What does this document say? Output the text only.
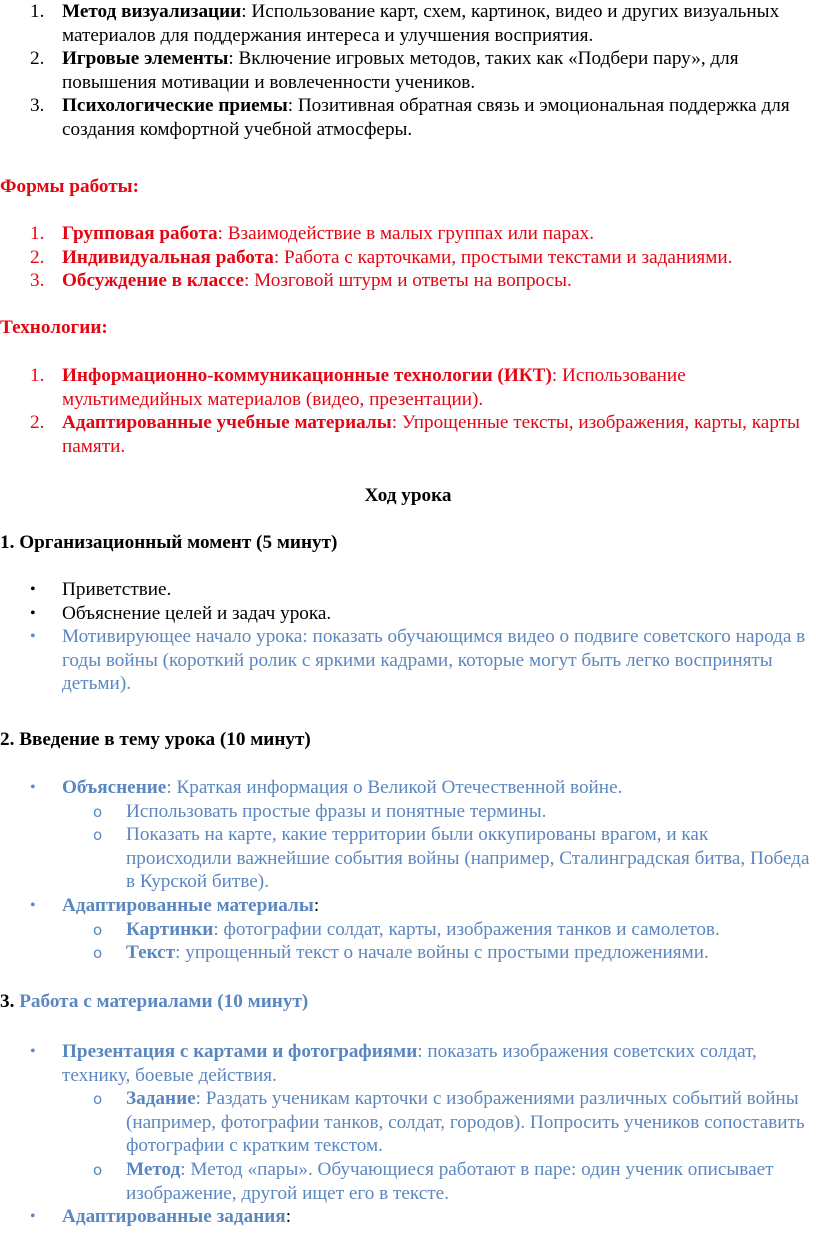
1. Метод визуализации: Использование карт, схем, картинок, видео и других визуальных материалов для поддержания интереса и улучшения восприятия.
2. Игровые элементы: Включение игровых методов, таких как «Подбери пару», для повышения мотивации и вовлеченности учеников.
3. Психологические приемы: Позитивная обратная связь и эмоциональная поддержка для создания комфортной учебной атмосферы.
Формы работы:
1. Групповая работа: Взаимодействие в малых группах или парах.
2. Индивидуальная работа: Работа с карточками, простыми текстами и заданиями.
3. Обсуждение в классе: Мозговой штурм и ответы на вопросы.
Технологии:
1. Информационно-коммуникационные технологии (ИКТ): Использование мультимедийных материалов (видео, презентации).
2. Адаптированные учебные материалы: Упрощенные тексты, изображения, карты, карты памяти.
Ход урока
1. Организационный момент (5 минут)
• Приветствие.
• Объяснение целей и задач урока.
• Мотивирующее начало урока: показать обучающимся видео о подвиге советского народа в годы войны (короткий ролик с яркими кадрами, которые могут быть легко восприняты детьми).
2. Введение в тему урока (10 минут)
• Объяснение: Краткая информация о Великой Отечественной войне.
o Использовать простые фразы и понятные термины.
o Показать на карте, какие территории были оккупированы врагом, и как происходили важнейшие события войны (например, Сталинградская битва, Победа в Курской битве).
• Адаптированные материалы:
o Картинки: фотографии солдат, карты, изображения танков и самолетов.
o Текст: упрощенный текст о начале войны с простыми предложениями.
3. Работа с материалами (10 минут)
• Презентация с картами и фотографиями: показать изображения советских солдат, технику, боевые действия.
o Задание: Раздать ученикам карточки с изображениями различных событий войны (например, фотографии танков, солдат, городов). Попросить учеников сопоставить фотографии с кратким текстом.
o Метод: Метод «пары». Обучающиеся работают в паре: один ученик описывает изображение, другой ищет его в тексте.
• Адаптированные задания:
